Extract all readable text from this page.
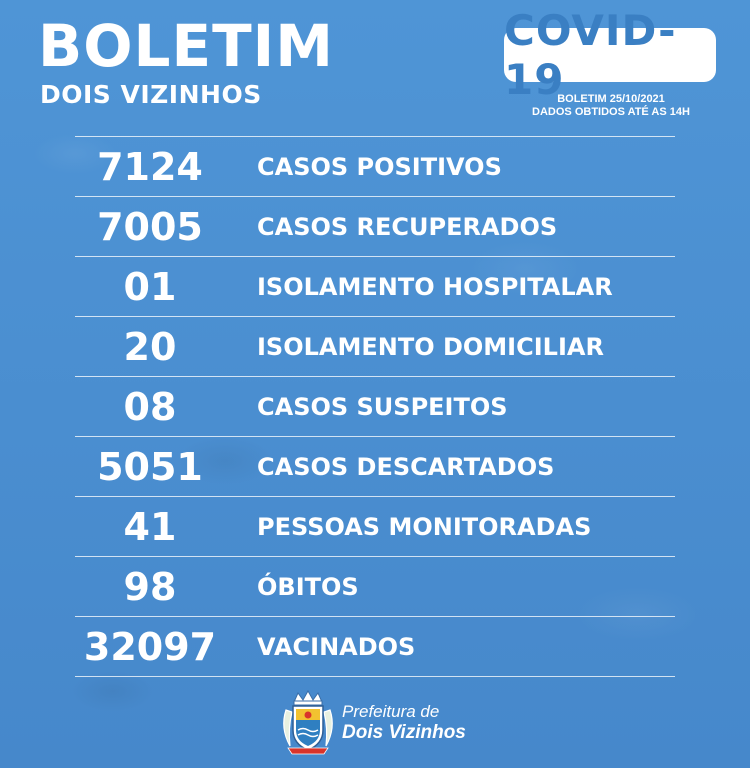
BOLETIM
DOIS VIZINHOS
COVID-19
BOLETIM 25/10/2021
DADOS OBTIDOS ATÉ AS 14H
7124	CASOS POSITIVOS
7005	CASOS RECUPERADOS
01	ISOLAMENTO HOSPITALAR
20	ISOLAMENTO DOMICILIAR
08	CASOS SUSPEITOS
5051	CASOS DESCARTADOS
41	PESSOAS MONITORADAS
98	ÓBITOS
32097	VACINADOS
Prefeitura de
Dois Vizinhos
